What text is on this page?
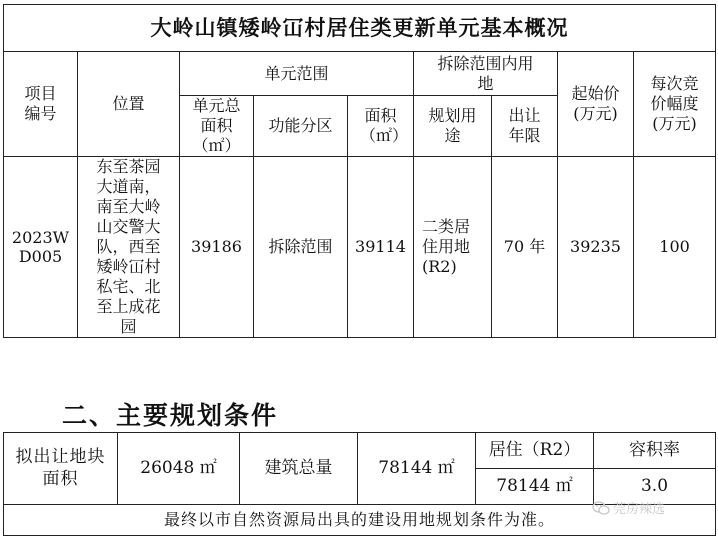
大岭山镇矮岭冚村居住类更新单元基本概况								
项目编号	位置	单元范围			拆除范围内用地		起始价(万元)	每次竞价幅度(万元)
		单元总面积（㎡）	功能分区	面积（㎡）	规划用途	出让年限		
2023WD005	东至茶园大道南，南至大岭山交警大队，西至矮岭冚村私宅、北至上成花园	39186	拆除范围	39114	二类居住用地(R2)	70 年	39235	100
二、主要规划条件
拟出让地块面积	26048 ㎡	建筑总量	78144 ㎡	居住（R2）	容积率
				78144 ㎡	3.0
最终以市自然资源局出具的建设用地规划条件为准。					
莞房辣选
